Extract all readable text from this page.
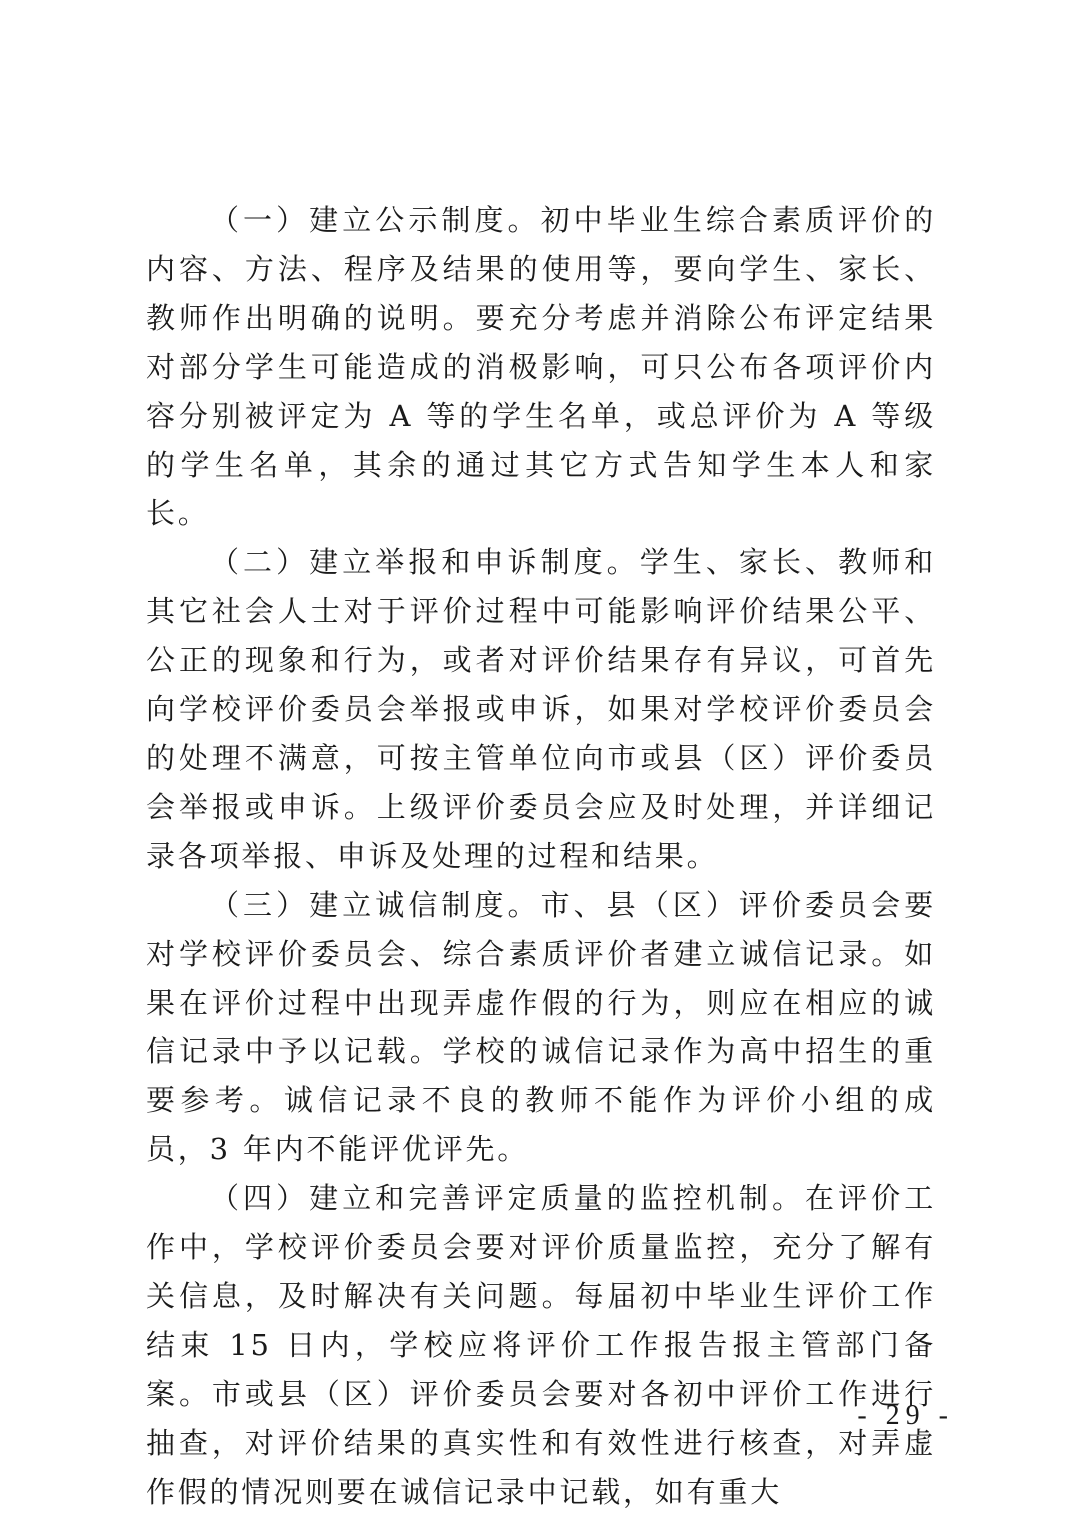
（一）建立公示制度。初中毕业生综合素质评价的内容、方法、程序及结果的使用等，要向学生、家长、教师作出明确的说明。要充分考虑并消除公布评定结果对部分学生可能造成的消极影响，可只公布各项评价内容分别被评定为 A 等的学生名单，或总评价为 A 等级的学生名单，其余的通过其它方式告知学生本人和家长。

（二）建立举报和申诉制度。学生、家长、教师和其它社会人士对于评价过程中可能影响评价结果公平、公正的现象和行为，或者对评价结果存有异议，可首先向学校评价委员会举报或申诉，如果对学校评价委员会的处理不满意，可按主管单位向市或县（区）评价委员会举报或申诉。上级评价委员会应及时处理，并详细记录各项举报、申诉及处理的过程和结果。

（三）建立诚信制度。市、县（区）评价委员会要对学校评价委员会、综合素质评价者建立诚信记录。如果在评价过程中出现弄虚作假的行为，则应在相应的诚信记录中予以记载。学校的诚信记录作为高中招生的重要参考。诚信记录不良的教师不能作为评价小组的成员，3 年内不能评优评先。

（四）建立和完善评定质量的监控机制。在评价工作中，学校评价委员会要对评价质量监控，充分了解有关信息，及时解决有关问题。每届初中毕业生评价工作结束 15 日内，学校应将评价工作报告报主管部门备案。市或县（区）评价委员会要对各初中评价工作进行抽查，对评价结果的真实性和有效性进行核查，对弄虚作假的情况则要在诚信记录中记载，如有重大

- 29 -
